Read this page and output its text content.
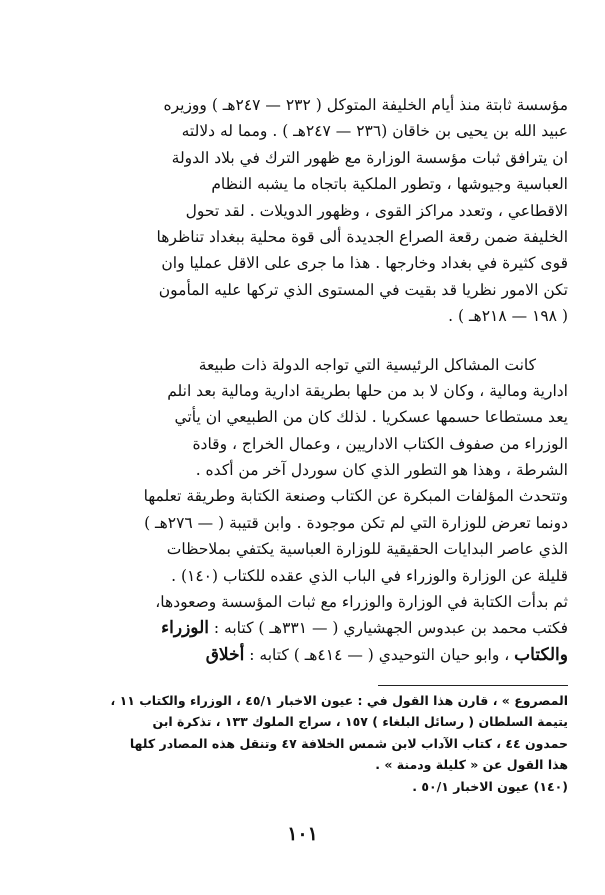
مؤسسة ثابتة منذ أيام الخليفة المتوكل ( ٢٣٢ — ٢٤٧هـ ) ووزيره
عبيد الله بن يحيى بن خاقان (٢٣٦ — ٢٤٧هـ ) . ومما له دلالته
ان يترافق ثبات مؤسسة الوزارة مع ظهور الترك في بلاد الدولة
العباسية وجيوشها ، وتطور الملكية باتجاه ما يشبه النظام
الاقطاعي ، وتعدد مراكز القوى ، وظهور الدويلات . لقد تحول
الخليفة ضمن رقعة الصراع الجديدة ألى قوة محلية ببغداد تناظرها
قوى كثيرة في بغداد وخارجها . هذا ما جرى على الاقل عمليا وان
تكن الامور نظريا قد بقيت في المستوى الذي تركها عليه المأمون
( ١٩٨ — ٢١٨هـ ) .
كانت المشاكل الرئيسية التي تواجه الدولة ذات طبيعة
ادارية ومالية ، وكان لا بد من حلها بطريقة ادارية ومالية بعد انلم
يعد مستطاعا حسمها عسكريا . لذلك كان من الطبيعي ان يأتي
الوزراء من صفوف الكتاب الاداريين ، وعمال الخراج ، وقادة
الشرطة ، وهذا هو التطور الذي كان سوردل آخر من أكده .
وتتحدث المؤلفات المبكرة عن الكتاب وصنعة الكتابة وطريقة تعلمها
دونما تعرض للوزارة التي لم تكن موجودة . وابن قتيبة ( — ٢٧٦هـ )
الذي عاصر البدايات الحقيقية للوزارة العباسية يكتفي بملاحظات
قليلة عن الوزارة والوزراء في الباب الذي عقده للكتاب (١٤٠) .
ثم بدأت الكتابة في الوزارة والوزراء مع ثبات المؤسسة وصعودها،
فكتب محمد بن عبدوس الجهشياري ( — ٣٣١هـ ) كتابه : الوزراء
والكتاب ، وابو حيان التوحيدي ( — ٤١٤هـ ) كتابه : أخلاق
المصروع » ، قارن هذا القول في : عيون الاخبار ٤٥/١ ، الوزراء والكتاب ١١ ،
يتيمة السلطان ( رسائل البلغاء ) ١٥٧ ، سراج الملوك ١٣٣ ، تذكرة ابن
حمدون ٤٤ ، كتاب الآداب لابن شمس الخلافة ٤٧ وتنقل هذه المصادر كلها
هذا القول عن « كليلة ودمنة » .
(١٤٠) عيون الاخبار ٥٠/١ .
١٠١
